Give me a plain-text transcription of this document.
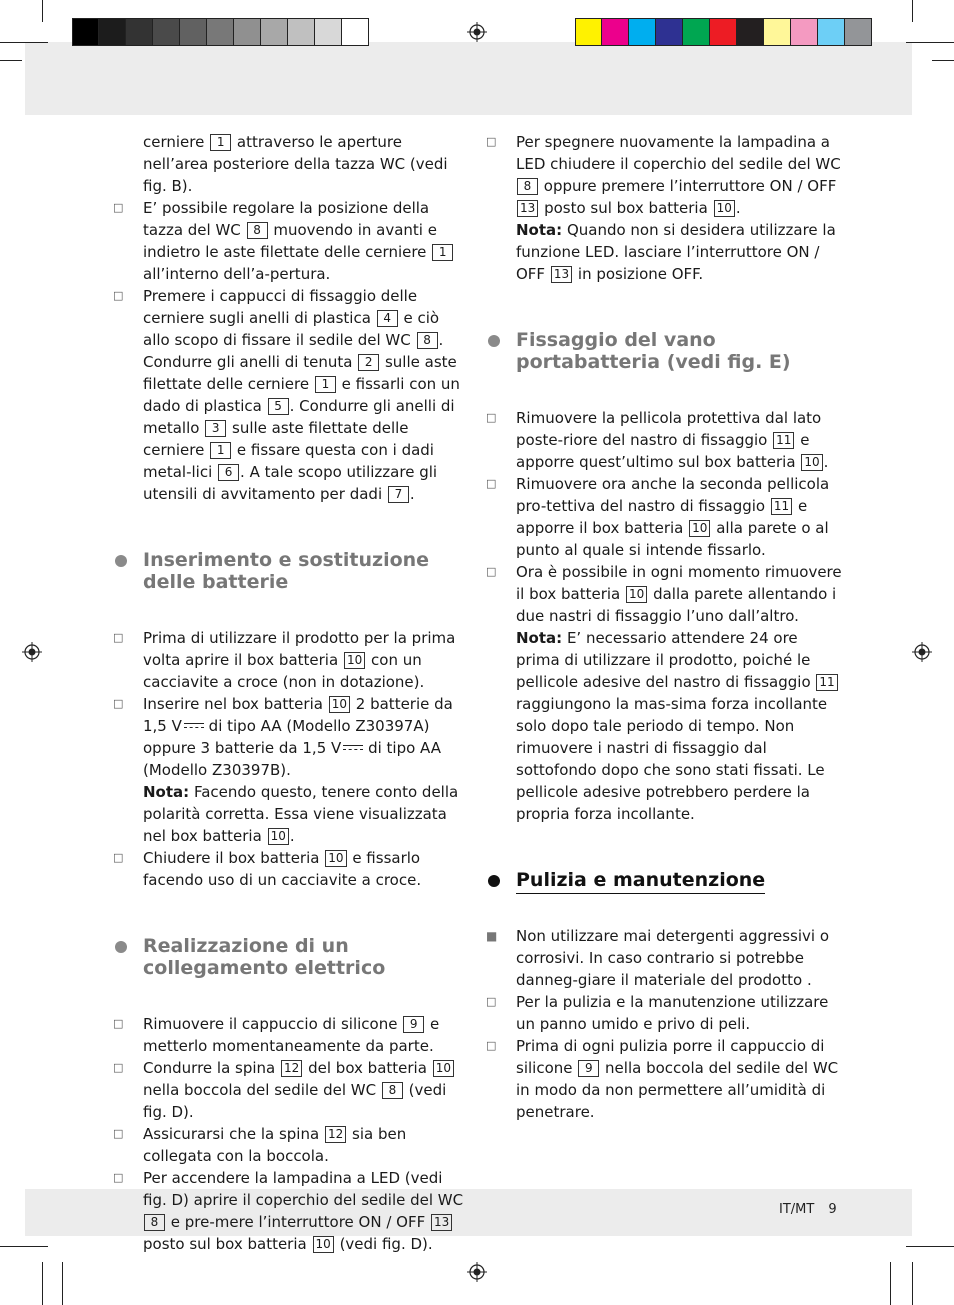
cerniere 1 attraverso le aperture nell’area posteriore della tazza WC (vedi fig. B).
□	E’ possibile regolare la posizione della tazza del WC 8 muovendo in avanti e indietro le aste filettate delle cerniere 1 all’interno dell’a-pertura.
□	Premere i cappucci di fissaggio delle cerniere sugli anelli di plastica 4 e ciò allo scopo di fissare il sedile del WC 8 . Condurre gli anelli di tenuta 2 sulle aste filettate delle cerniere 1 e fissarli con un dado di plastica 5 . Condurre gli anelli di metallo 3 sulle aste filettate delle cerniere 1 e fissare questa con i dadi metal-lici 6 . A tale scopo utilizzare gli utensili di avvitamento per dadi 7 .
Inserimento e sostituzione delle batterie
□	Prima di utilizzare il prodotto per la prima volta aprire il box batteria 10 con un cacciavite a croce (non in dotazione).
□	Inserire nel box batteria 10 2 batterie da 1,5 V di tipo AA (Modello Z30397A) oppure 3 batterie da 1,5 V di tipo AA (Modello Z30397B).
Nota: Facendo questo, tenere conto della polarità corretta. Essa viene visualizzata nel box batteria 10 .
□	Chiudere il box batteria 10 e fissarlo facendo uso di un cacciavite a croce.
Realizzazione di un collegamento elettrico
□	Rimuovere il cappuccio di silicone 9 e metterlo momentaneamente da parte.
□	Condurre la spina 12 del box batteria 10 nella boccola del sedile del WC 8 (vedi fig. D).
□	Assicurarsi che la spina 12 sia ben collegata con la boccola.
□	Per accendere la lampadina a LED (vedi fig. D) aprire il coperchio del sedile del WC 8 e pre-mere l’interruttore ON / OFF 13 posto sul box batteria 10 (vedi fig. D).
□	Per spegnere nuovamente la lampadina a LED chiudere il coperchio del sedile del WC 8 oppure premere l’interruttore ON / OFF 13 posto sul box batteria 10 .
Nota: Quando non si desidera utilizzare la funzione LED. lasciare l’interruttore ON / OFF 13 in posizione OFF.
Fissaggio del vano portabatteria (vedi fig. E)
□	Rimuovere la pellicola protettiva dal lato poste-riore del nastro di fissaggio 11 e apporre quest’ultimo sul box batteria 10 .
□	Rimuovere ora anche la seconda pellicola pro-tettiva del nastro di fissaggio 11 e apporre il box batteria 10 alla parete o al punto al quale si intende fissarlo.
□	Ora è possibile in ogni momento rimuovere il box batteria 10 dalla parete allentando i due nastri di fissaggio l’uno dall’altro.
Nota: E’ necessario attendere 24 ore prima di utilizzare il prodotto, poiché le pellicole adesive del nastro di fissaggio 11 raggiungono la mas-sima forza incollante solo dopo tale periodo di tempo. Non rimuovere i nastri di fissaggio dal sottofondo dopo che sono stati fissati. Le pellicole adesive potrebbero perdere la propria forza incollante.
Pulizia e manutenzione
■	Non utilizzare mai detergenti aggressivi o corrosivi. In caso contrario si potrebbe danneg-giare il materiale del prodotto .
□	Per la pulizia e la manutenzione utilizzare un panno umido e privo di peli.
□	Prima di ogni pulizia porre il cappuccio di silicone 9 nella boccola del sedile del WC in modo da non permettere all’umidità di penetrare.
IT/MT 9
